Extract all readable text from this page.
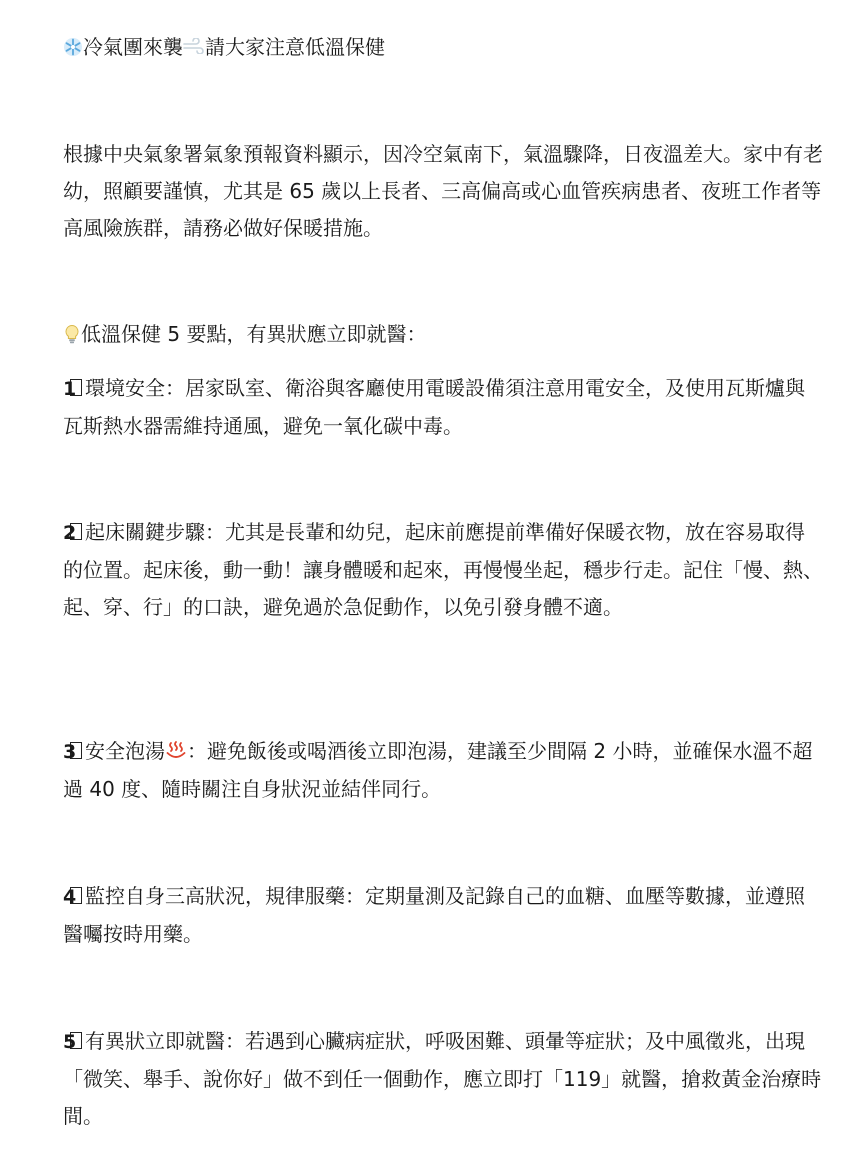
冷氣團來襲 請大家注意低溫保健

根據中央氣象署氣象預報資料顯示，因冷空氣南下，氣溫驟降，日夜溫差大。家中有老幼，照顧要謹慎，尤其是 65 歲以上長者、三高偏高或心血管疾病患者、夜班工作者等高風險族群，請務必做好保暖措施。

低溫保健 5 要點，有異狀應立即就醫：

1 環境安全：居家臥室、衛浴與客廳使用電暖設備須注意用電安全，及使用瓦斯爐與瓦斯熱水器需維持通風，避免一氧化碳中毒。

2 起床關鍵步驟：尤其是長輩和幼兒，起床前應提前準備好保暖衣物，放在容易取得的位置。起床後，動一動！讓身體暖和起來，再慢慢坐起，穩步行走。記住「慢、熱、起、穿、行」的口訣，避免過於急促動作，以免引發身體不適。

3 安全泡湯 ：避免飯後或喝酒後立即泡湯，建議至少間隔 2 小時，並確保水溫不超過 40 度、隨時關注自身狀況並結伴同行。

4 監控自身三高狀況，規律服藥：定期量測及記錄自己的血糖、血壓等數據，並遵照醫囑按時用藥。

5 有異狀立即就醫：若遇到心臟病症狀，呼吸困難、頭暈等症狀；及中風徵兆，出現「微笑、舉手、說你好」做不到任一個動作，應立即打「119」就醫，搶救黃金治療時間。
